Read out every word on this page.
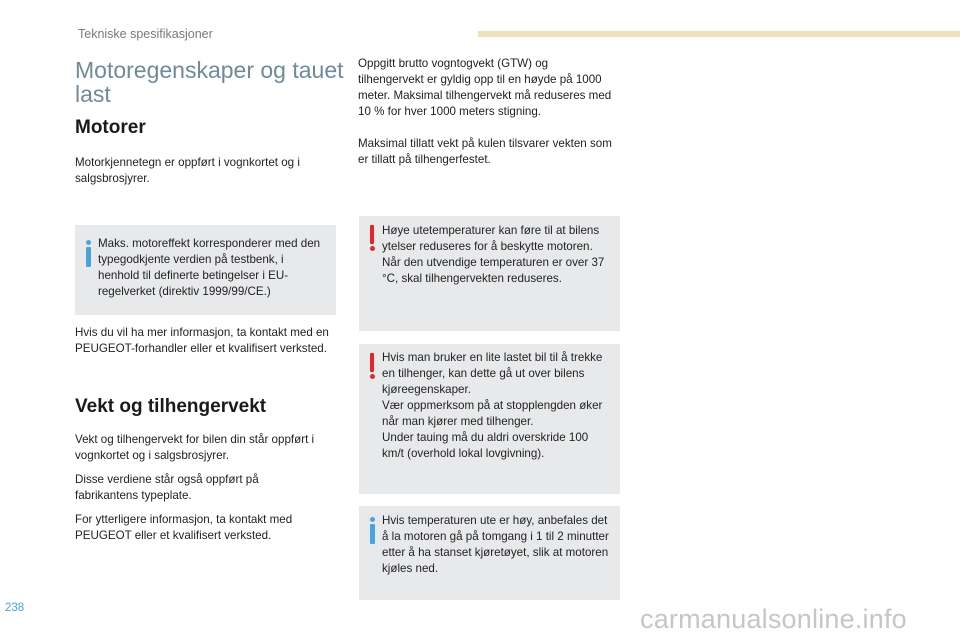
Tekniske spesifikasjoner
Motoregenskaper og tauet last
Motorer

Motorkjennetegn er oppført i vognkortet og i salgsbrosjyrer.

Maks. motoreffekt korresponderer med den typegodkjente verdien på testbenk, i henhold til definerte betingelser i EU-regelverket (direktiv 1999/99/CE.)

Hvis du vil ha mer informasjon, ta kontakt med en PEUGEOT-forhandler eller et kvalifisert verksted.

Vekt og tilhengervekt

Vekt og tilhengervekt for bilen din står oppført i vognkortet og i salgsbrosjyrer.

Disse verdiene står også oppført på fabrikantens typeplate.

For ytterligere informasjon, ta kontakt med PEUGEOT eller et kvalifisert verksted.

Oppgitt brutto vogntogvekt (GTW) og tilhengervekt er gyldig opp til en høyde på 1000 meter. Maksimal tilhengervekt må reduseres med 10 % for hver 1000 meters stigning.

Maksimal tillatt vekt på kulen tilsvarer vekten som er tillatt på tilhengerfestet.

Høye utetemperaturer kan føre til at bilens ytelser reduseres for å beskytte motoren. Når den utvendige temperaturen er over 37 °C, skal tilhengervekten reduseres.

Hvis man bruker en lite lastet bil til å trekke en tilhenger, kan dette gå ut over bilens kjøreegenskaper.

Vær oppmerksom på at stopplengden øker når man kjører med tilhenger.

Under tauing må du aldri overskride 100 km/t (overhold lokal lovgivning).

Hvis temperaturen ute er høy, anbefales det å la motoren gå på tomgang i 1 til 2 minutter etter å ha stanset kjøretøyet, slik at motoren kjøles ned.

238	carmanualsonline.info
